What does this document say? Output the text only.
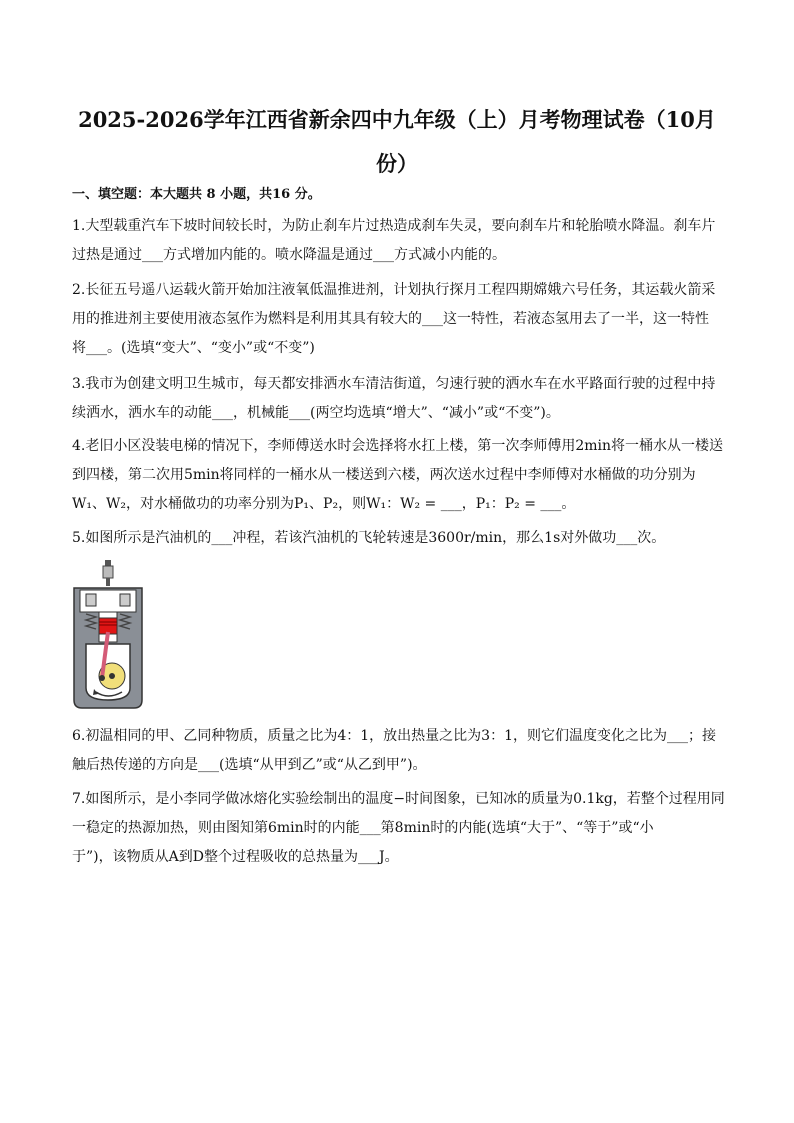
2025-2026学年江西省新余四中九年级（上）月考物理试卷（10月
份）
一、填空题：本大题共 8 小题，共16 分。
1.大型载重汽车下坡时间较长时，为防止刹车片过热造成刹车失灵，要向刹车片和轮胎喷水降温。刹车片
过热是通过___方式增加内能的。喷水降温是通过___方式减小内能的。
2.长征五号遥八运载火箭开始加注液氧低温推进剂，计划执行探月工程四期嫦娥六号任务，其运载火箭采
用的推进剂主要使用液态氢作为燃料是利用其具有较大的___这一特性，若液态氢用去了一半，这一特性
将___。(选填“变大”、“变小”或“不变”)
3.我市为创建文明卫生城市，每天都安排洒水车清洁街道，匀速行驶的洒水车在水平路面行驶的过程中持
续洒水，洒水车的动能___，机械能___(两空均选填“增大”、“减小”或“不变”)。
4.老旧小区没装电梯的情况下，李师傅送水时会选择将水扛上楼，第一次李师傅用2min将一桶水从一楼送
到四楼，第二次用5min将同样的一桶水从一楼送到六楼，两次送水过程中李师傅对水桶做的功分别为
W₁、W₂，对水桶做功的功率分别为P₁、P₂，则W₁：W₂ = ___，P₁：P₂ = ___。
5.如图所示是汽油机的___冲程，若该汽油机的飞轮转速是3600r/min，那么1s对外做功___次。
6.初温相同的甲、乙同种物质，质量之比为4：1，放出热量之比为3：1，则它们温度变化之比为___；接
触后热传递的方向是___(选填“从甲到乙”或“从乙到甲”)。
7.如图所示，是小李同学做冰熔化实验绘制出的温度−时间图象，已知冰的质量为0.1kg，若整个过程用同
一稳定的热源加热，则由图知第6min时的内能___第8min时的内能(选填“大于”、“等于”或“小
于”)，该物质从A到D整个过程吸收的总热量为___J。
